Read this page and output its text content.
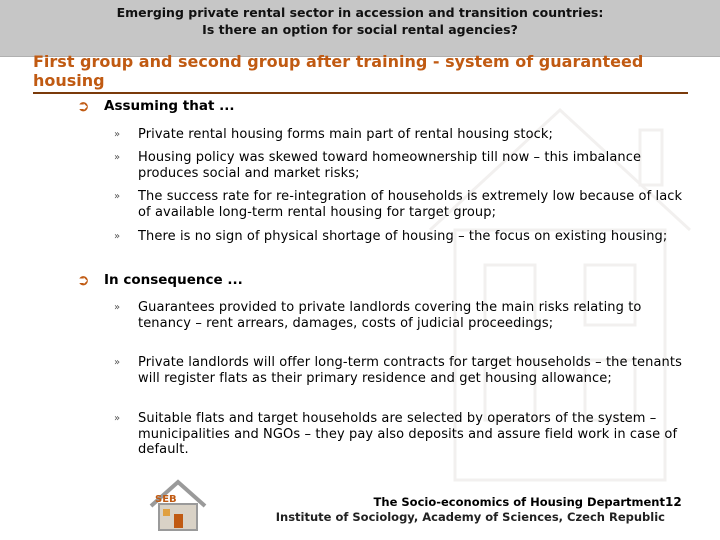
Emerging private rental sector in accession and transition countries:
Is there an option for social rental agencies?
First group and second group after training - system of guaranteed housing
➲ Assuming that ...
» Private rental housing forms main part of rental housing stock;
» Housing policy was skewed toward homeownership till now – this imbalance produces social and market risks;
» The success rate for re-integration of households is extremely low because of lack of available long-term rental housing for target group;
» There is no sign of physical shortage of housing – the focus on existing housing;
➲ In consequence ...
» Guarantees provided to private landlords covering the main risks relating to tenancy – rent arrears, damages, costs of judicial proceedings;
» Private landlords will offer long-term contracts for target households – the tenants will register flats as their primary residence and get housing allowance;
» Suitable flats and target households are selected by operators of the system – municipalities and NGOs – they pay also deposits and assure field work in case of default.
SEB	The Socio-economics of Housing Department
Institute of Sociology, Academy of Sciences, Czech Republic
12
